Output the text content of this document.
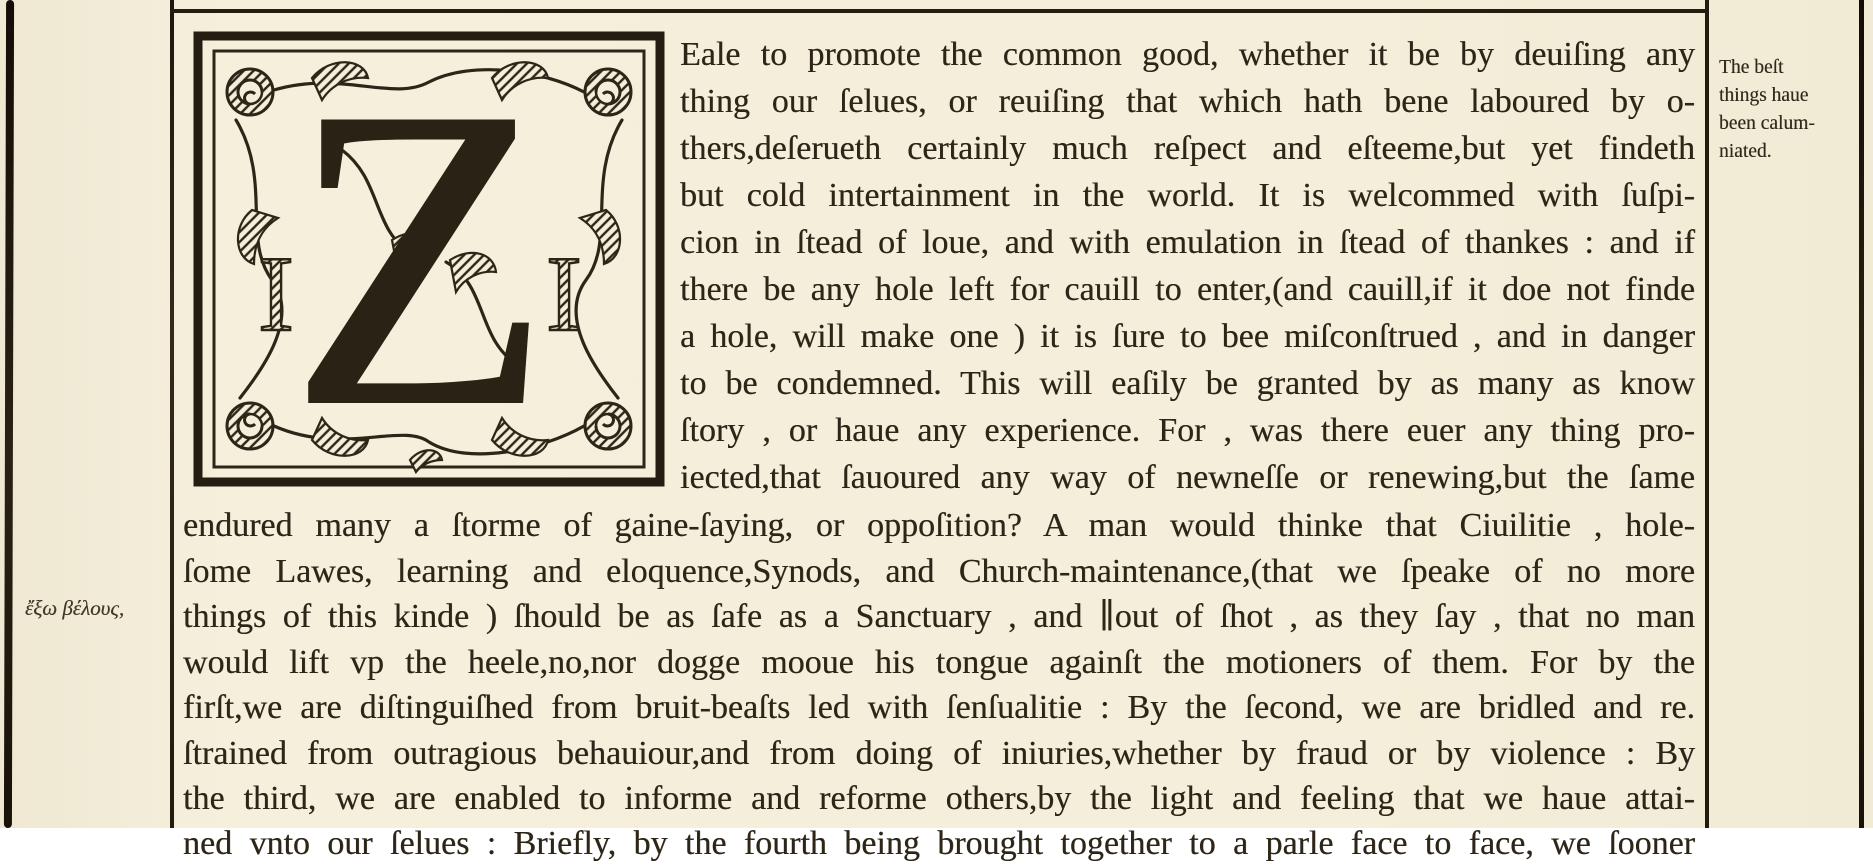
Z
I I
Eale to promote the common good, whether it be by deuiſing any
thing our ſelues, or reuiſing that which hath bene laboured by o-
thers,deſerueth certainly much reſpect and eſteeme,but yet findeth
but cold intertainment in the world. It is welcommed with ſuſpi-
cion in ſtead of loue, and with emulation in ſtead of thankes : and if
there be any hole left for cauill to enter,(and cauill,if it doe not finde
a hole, will make one ) it is ſure to bee miſconſtrued , and in danger
to be condemned. This will eaſily be granted by as many as know
ſtory , or haue any experience. For , was there euer any thing pro-
iected,that ſauoured any way of newneſſe or renewing,but the ſame
endured many a ſtorme of gaine-ſaying, or oppoſition? A man would thinke that Ciuilitie , hole-
ſome Lawes, learning and eloquence,Synods, and Church-maintenance,(that we ſpeake of no more
things of this kinde ) ſhould be as ſafe as a Sanctuary , and ∥out of ſhot , as they ſay , that no man
would lift vp the heele,no,nor dogge mooue his tongue againſt the motioners of them. For by the
firſt,we are diſtinguiſhed from bruit-beaſts led with ſenſualitie : By the ſecond, we are bridled and re.
ſtrained from outragious behauiour,and from doing of iniuries,whether by fraud or by violence : By
the third, we are enabled to informe and reforme others,by the light and feeling that we haue attai-
ned vnto our ſelues : Briefly, by the fourth being brought together to a parle face to face, we ſooner
The beſt
things haue
been calum-
niated.
ἔξω βέλους,
